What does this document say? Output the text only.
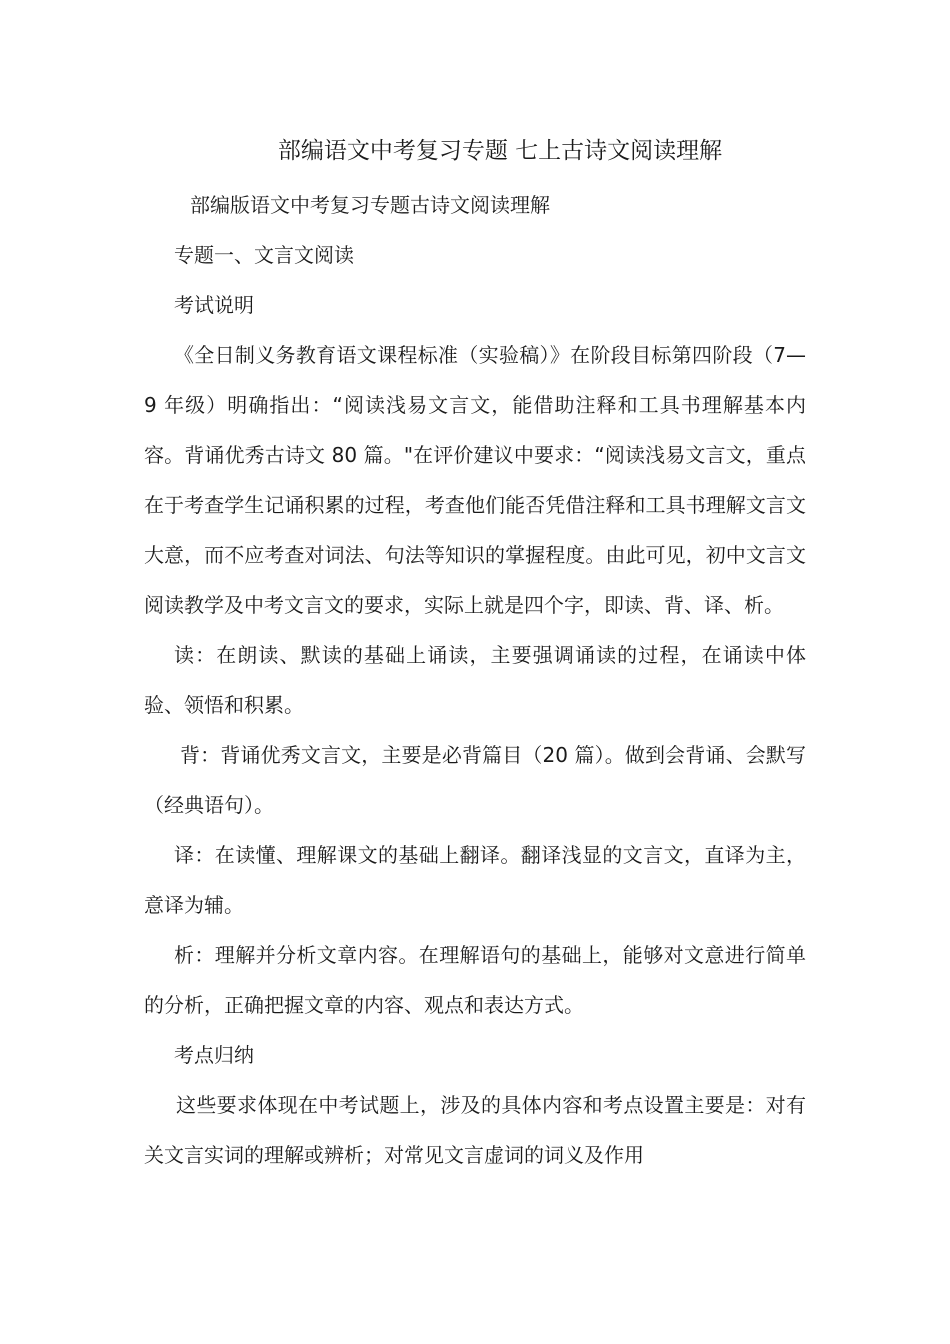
部编语文中考复习专题 七上古诗文阅读理解

部编版语文中考复习专题古诗文阅读理解

专题一、文言文阅读

考试说明

《全日制义务教育语文课程标准（实验稿）》在阶段目标第四阶段（7—9 年级）明确指出：“阅读浅易文言文，能借助注释和工具书理解基本内容。背诵优秀古诗文 80 篇。"在评价建议中要求：“阅读浅易文言文，重点在于考查学生记诵积累的过程，考查他们能否凭借注释和工具书理解文言文大意，而不应考查对词法、句法等知识的掌握程度。由此可见，初中文言文阅读教学及中考文言文的要求，实际上就是四个字，即读、背、译、析。

读：在朗读、默读的基础上诵读，主要强调诵读的过程，在诵读中体验、领悟和积累。

背：背诵优秀文言文，主要是必背篇目（20 篇）。做到会背诵、会默写（经典语句）。

译：在读懂、理解课文的基础上翻译。翻译浅显的文言文，直译为主，意译为辅。

析：理解并分析文章内容。在理解语句的基础上，能够对文意进行简单的分析，正确把握文章的内容、观点和表达方式。

考点归纳

这些要求体现在中考试题上，涉及的具体内容和考点设置主要是：对有关文言实词的理解或辨析；对常见文言虚词的词义及作用
